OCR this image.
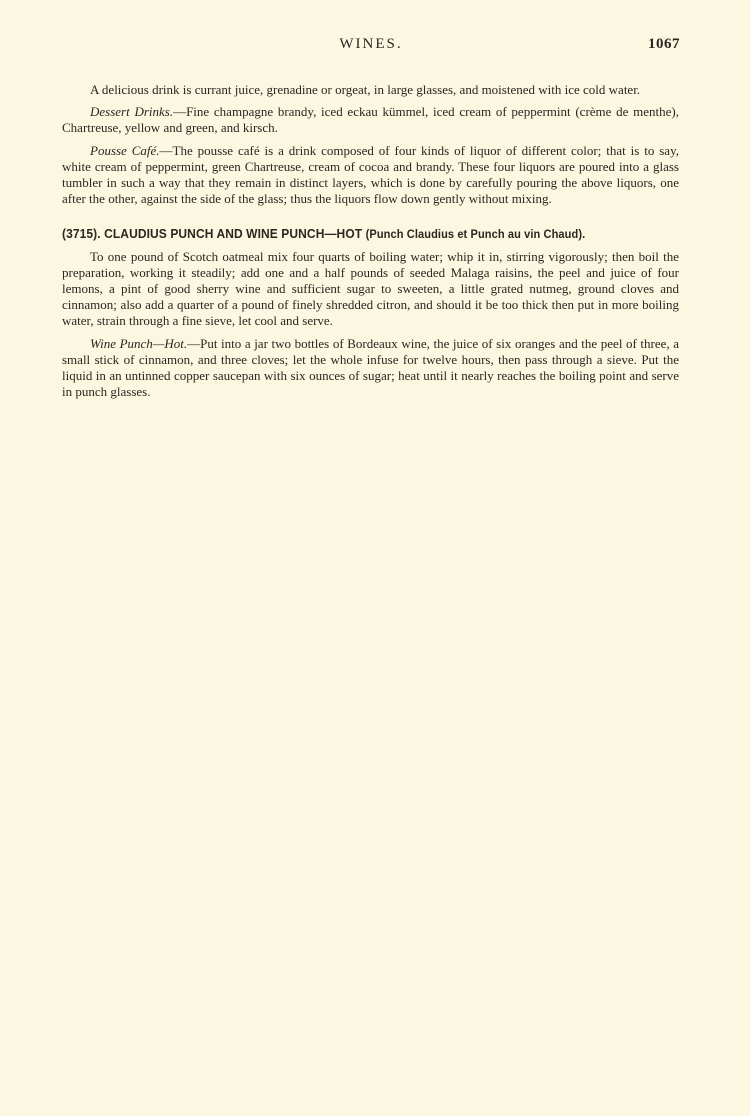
WINES.	1067

A delicious drink is currant juice, grenadine or orgeat, in large glasses, and moistened with ice cold water.

Dessert Drinks.—Fine champagne brandy, iced eckau kümmel, iced cream of peppermint (crème de menthe), Chartreuse, yellow and green, and kirsch.

Pousse Café.—The pousse café is a drink composed of four kinds of liquor of different color; that is to say, white cream of peppermint, green Chartreuse, cream of cocoa and brandy. These four liquors are poured into a glass tumbler in such a way that they remain in distinct layers, which is done by carefully pouring the above liquors, one after the other, against the side of the glass; thus the liquors flow down gently without mixing.

(3715). CLAUDIUS PUNCH AND WINE PUNCH—HOT (Punch Claudius et Punch au vin Chaud).

To one pound of Scotch oatmeal mix four quarts of boiling water; whip it in, stirring vigorously; then boil the preparation, working it steadily; add one and a half pounds of seeded Malaga raisins, the peel and juice of four lemons, a pint of good sherry wine and sufficient sugar to sweeten, a little grated nutmeg, ground cloves and cinnamon; also add a quarter of a pound of finely shredded citron, and should it be too thick then put in more boiling water, strain through a fine sieve, let cool and serve.

Wine Punch—Hot.—Put into a jar two bottles of Bordeaux wine, the juice of six oranges and the peel of three, a small stick of cinnamon, and three cloves; let the whole infuse for twelve hours, then pass through a sieve. Put the liquid in an untinned copper saucepan with six ounces of sugar; heat until it nearly reaches the boiling point and serve in punch glasses.
